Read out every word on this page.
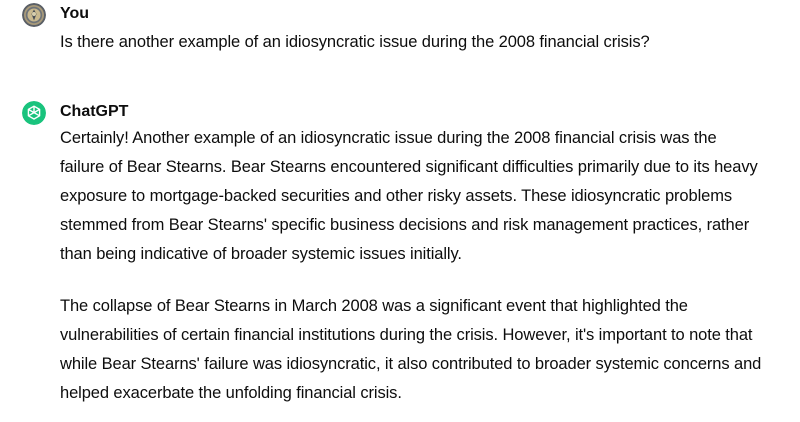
You
Is there another example of an idiosyncratic issue during the 2008 financial crisis?
ChatGPT
Certainly! Another example of an idiosyncratic issue during the 2008 financial crisis was the
failure of Bear Stearns. Bear Stearns encountered significant difficulties primarily due to its heavy
exposure to mortgage-backed securities and other risky assets. These idiosyncratic problems
stemmed from Bear Stearns' specific business decisions and risk management practices, rather
than being indicative of broader systemic issues initially.
The collapse of Bear Stearns in March 2008 was a significant event that highlighted the
vulnerabilities of certain financial institutions during the crisis. However, it's important to note that
while Bear Stearns' failure was idiosyncratic, it also contributed to broader systemic concerns and
helped exacerbate the unfolding financial crisis.
